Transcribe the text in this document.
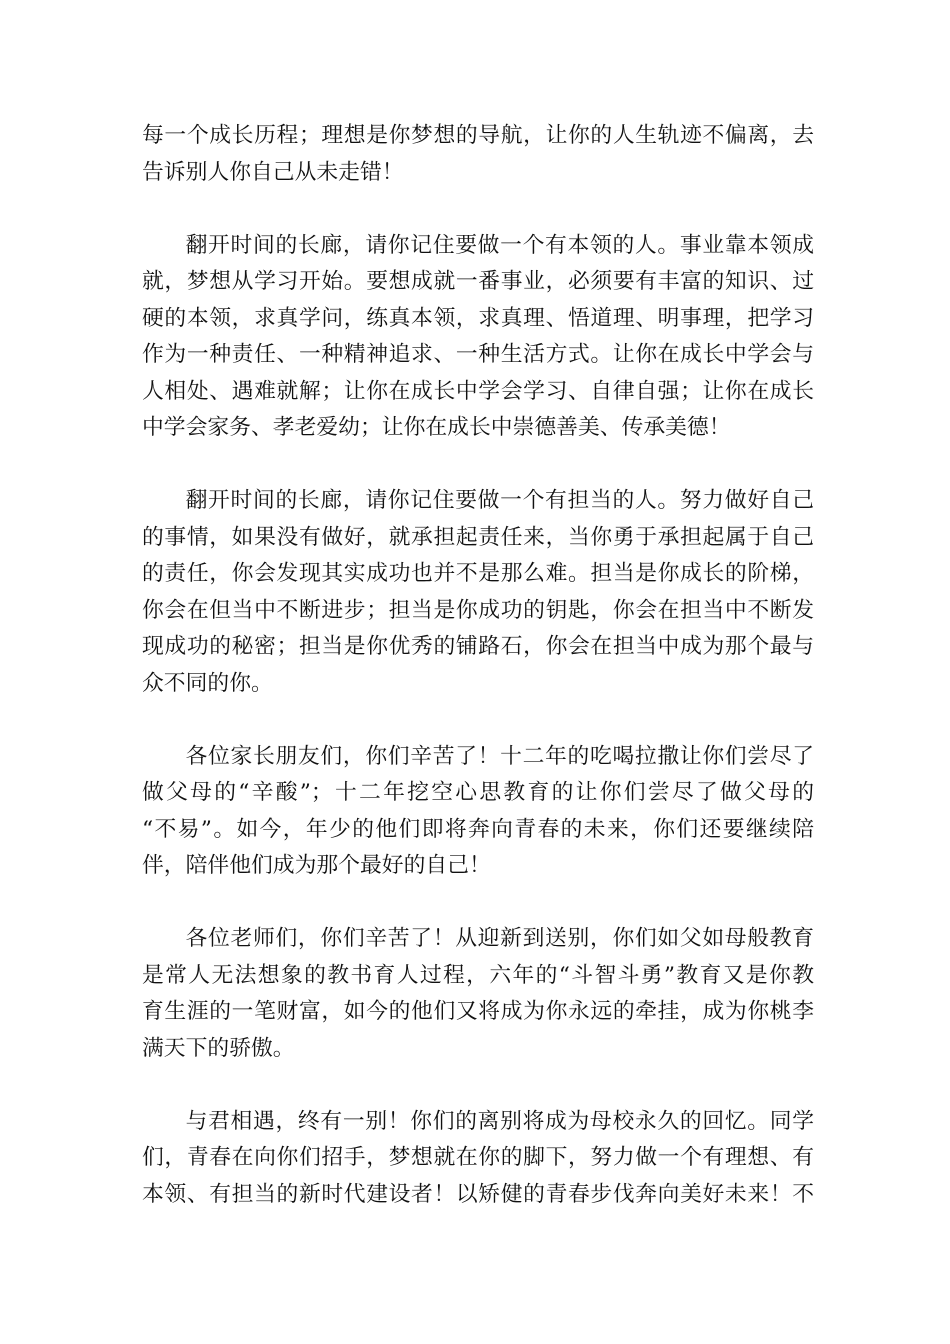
每一个成长历程；理想是你梦想的导航，让你的人生轨迹不偏离，去
告诉别人你自己从未走错！

翻开时间的长廊，请你记住要做一个有本领的人。事业靠本领成
就，梦想从学习开始。要想成就一番事业，必须要有丰富的知识、过
硬的本领，求真学问，练真本领，求真理、悟道理、明事理，把学习
作为一种责任、一种精神追求、一种生活方式。让你在成长中学会与
人相处、遇难就解；让你在成长中学会学习、自律自强；让你在成长
中学会家务、孝老爱幼；让你在成长中崇德善美、传承美德！

翻开时间的长廊，请你记住要做一个有担当的人。努力做好自己
的事情，如果没有做好，就承担起责任来，当你勇于承担起属于自己
的责任，你会发现其实成功也并不是那么难。担当是你成长的阶梯，
你会在但当中不断进步；担当是你成功的钥匙，你会在担当中不断发
现成功的秘密；担当是你优秀的铺路石，你会在担当中成为那个最与
众不同的你。

各位家长朋友们，你们辛苦了！十二年的吃喝拉撒让你们尝尽了
做父母的“辛酸”；十二年挖空心思教育的让你们尝尽了做父母的
“不易”。如今，年少的他们即将奔向青春的未来，你们还要继续陪
伴，陪伴他们成为那个最好的自己！

各位老师们，你们辛苦了！从迎新到送别，你们如父如母般教育
是常人无法想象的教书育人过程，六年的“斗智斗勇”教育又是你教
育生涯的一笔财富，如今的他们又将成为你永远的牵挂，成为你桃李
满天下的骄傲。

与君相遇，终有一别！你们的离别将成为母校永久的回忆。同学
们，青春在向你们招手，梦想就在你的脚下，努力做一个有理想、有
本领、有担当的新时代建设者！以矫健的青春步伐奔向美好未来！不
